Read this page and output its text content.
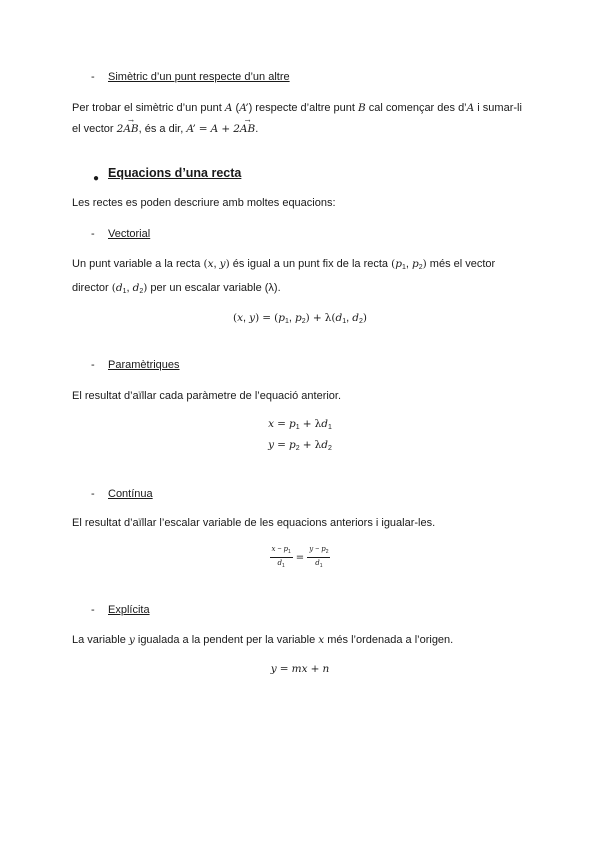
- Simètric d’un punt respecte d’un altre
Per trobar el simètric d’un punt A (A’) respecte d’altre punt B cal començar des d’A i sumar-li
el vector 2→ AB, és a dir, A’ = A + 2→ AB.
● Equacions d’una recta
Les rectes es poden descriure amb moltes equacions:
- Vectorial
Un punt variable a la recta (x, y) és igual a un punt fix de la recta ($p_1$, $p_2$) més el vector
director ($d_1$, $d_2$) per un escalar variable (λ).
(x, $y) = (p_1$, $p_2) + \lambda(d_1$, $d_2$)
- Paramètriques
El resultat d’aïllar cada paràmetre de l’equació anterior.
$x = p_1 + \lambda d_1$
$y = p_2 + \lambda d_2$
- Contínua
El resultat d’aïllar l’escalar variable de les equacions anteriors i igualar-les.
$\frac{x - p_1}{d_1} = \frac{y - p_2}{d_1}$
- Explícita
La variable y igualada a la pendent per la variable x més l’ordenada a l’origen.
y = mx + n
